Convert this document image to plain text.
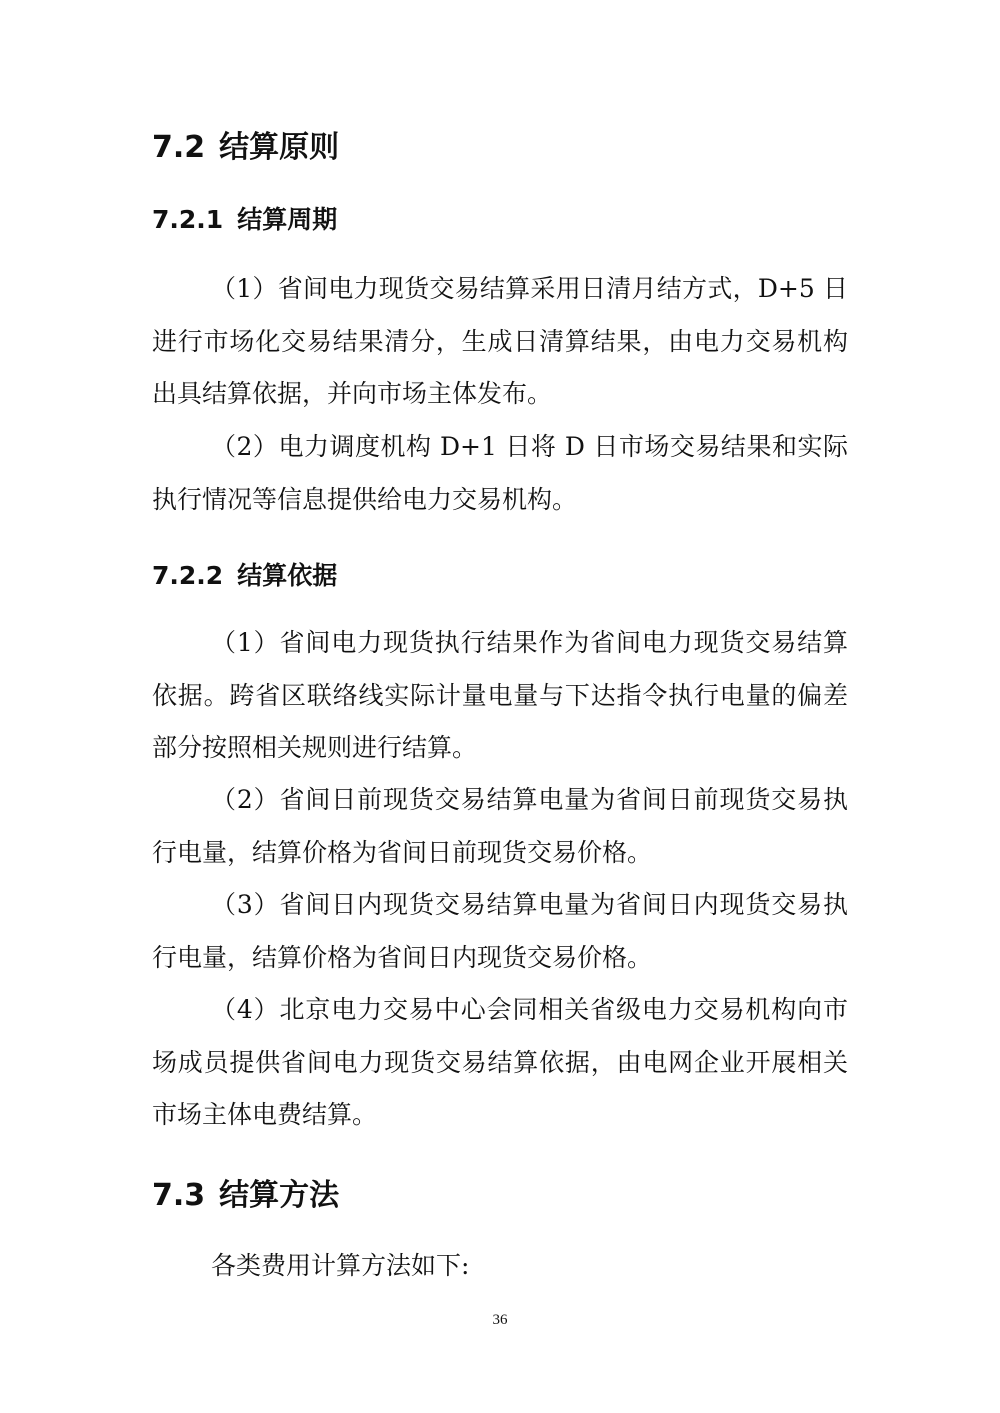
7.2 结算原则
7.2.1 结算周期

（1）省间电力现货交易结算采用日清月结方式，D+5 日进行市场化交易结果清分，生成日清算结果，由电力交易机构出具结算依据，并向市场主体发布。

（2）电力调度机构 D+1 日将 D 日市场交易结果和实际执行情况等信息提供给电力交易机构。

7.2.2 结算依据

（1）省间电力现货执行结果作为省间电力现货交易结算依据。跨省区联络线实际计量电量与下达指令执行电量的偏差部分按照相关规则进行结算。

（2）省间日前现货交易结算电量为省间日前现货交易执行电量，结算价格为省间日前现货交易价格。

（3）省间日内现货交易结算电量为省间日内现货交易执行电量，结算价格为省间日内现货交易价格。

（4）北京电力交易中心会同相关省级电力交易机构向市场成员提供省间电力现货交易结算依据，由电网企业开展相关市场主体电费结算。

7.3 结算方法

各类费用计算方法如下:

36
